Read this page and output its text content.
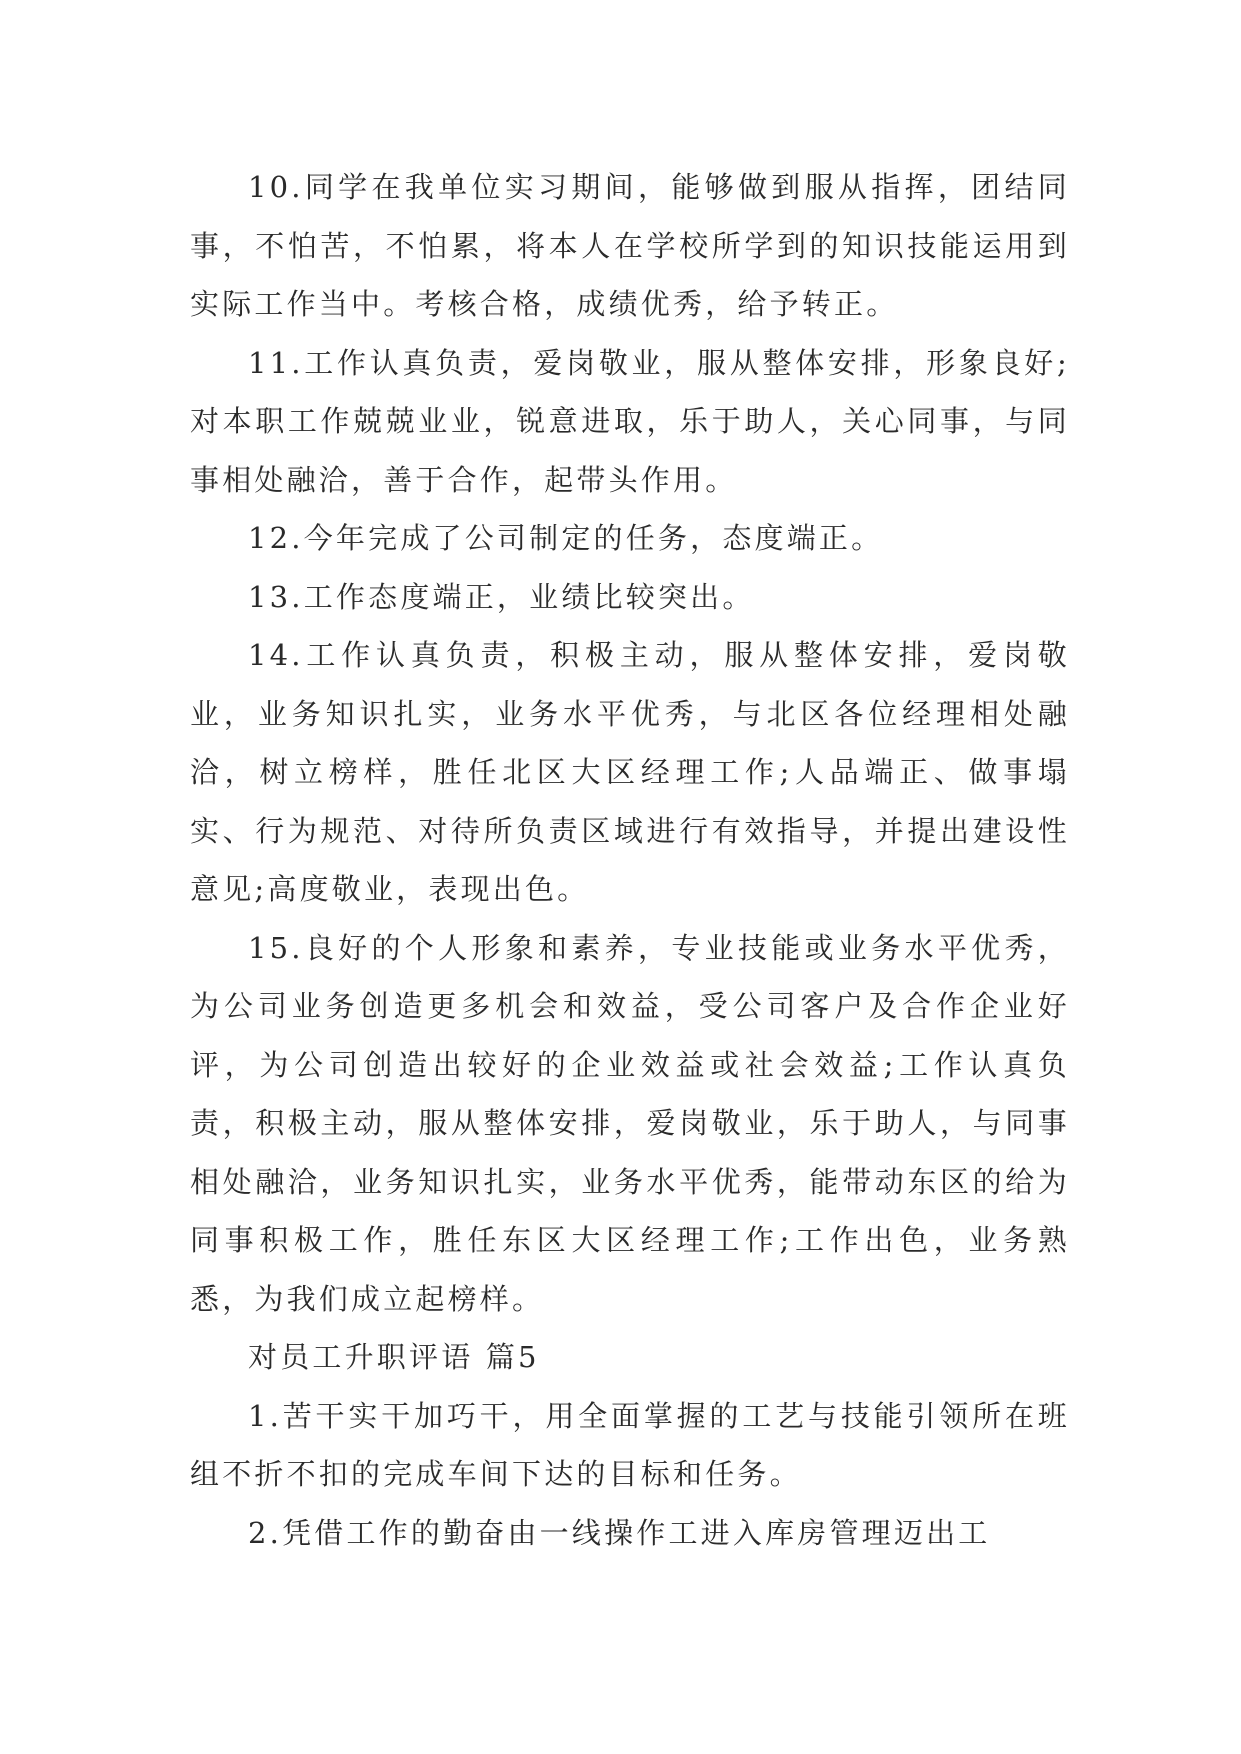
10.同学在我单位实习期间，能够做到服从指挥，团结同事，不怕苦，不怕累，将本人在学校所学到的知识技能运用到实际工作当中。考核合格，成绩优秀，给予转正。

11.工作认真负责，爱岗敬业，服从整体安排，形象良好;对本职工作兢兢业业，锐意进取，乐于助人，关心同事，与同事相处融洽，善于合作，起带头作用。

12.今年完成了公司制定的任务，态度端正。

13.工作态度端正，业绩比较突出。

14.工作认真负责，积极主动，服从整体安排，爱岗敬业，业务知识扎实，业务水平优秀，与北区各位经理相处融洽，树立榜样，胜任北区大区经理工作;人品端正、做事塌实、行为规范、对待所负责区域进行有效指导，并提出建设性意见;高度敬业，表现出色。

15.良好的个人形象和素养，专业技能或业务水平优秀，为公司业务创造更多机会和效益，受公司客户及合作企业好评，为公司创造出较好的企业效益或社会效益;工作认真负责，积极主动，服从整体安排，爱岗敬业，乐于助人，与同事相处融洽，业务知识扎实，业务水平优秀，能带动东区的给为同事积极工作，胜任东区大区经理工作;工作出色，业务熟悉，为我们成立起榜样。

对员工升职评语 篇5

1.苦干实干加巧干，用全面掌握的工艺与技能引领所在班组不折不扣的完成车间下达的目标和任务。

2.凭借工作的勤奋由一线操作工进入库房管理迈出工
